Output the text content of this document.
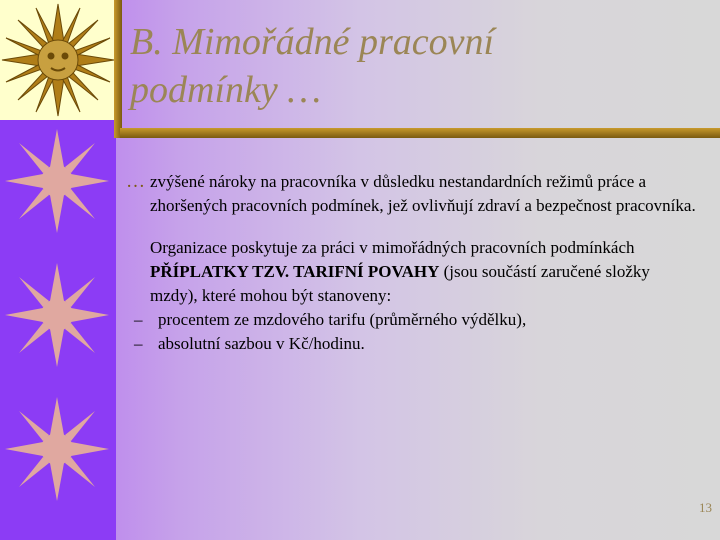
B. Mimořádné pracovní
podmínky …
… zvýšené nároky na pracovníka v důsledku nestandardních režimů práce a zhoršených pracovních podmínek, jež ovlivňují zdraví a bezpečnost pracovníka.
Organizace poskytuje za práci v mimořádných pracovních podmínkách PŘÍPLATKY TZV. TARIFNÍ POVAHY (jsou součástí zaručené složky mzdy), které mohou být stanoveny:
– procentem ze mzdového tarifu (průměrného výdělku),
– absolutní sazbou v Kč/hodinu.
13
